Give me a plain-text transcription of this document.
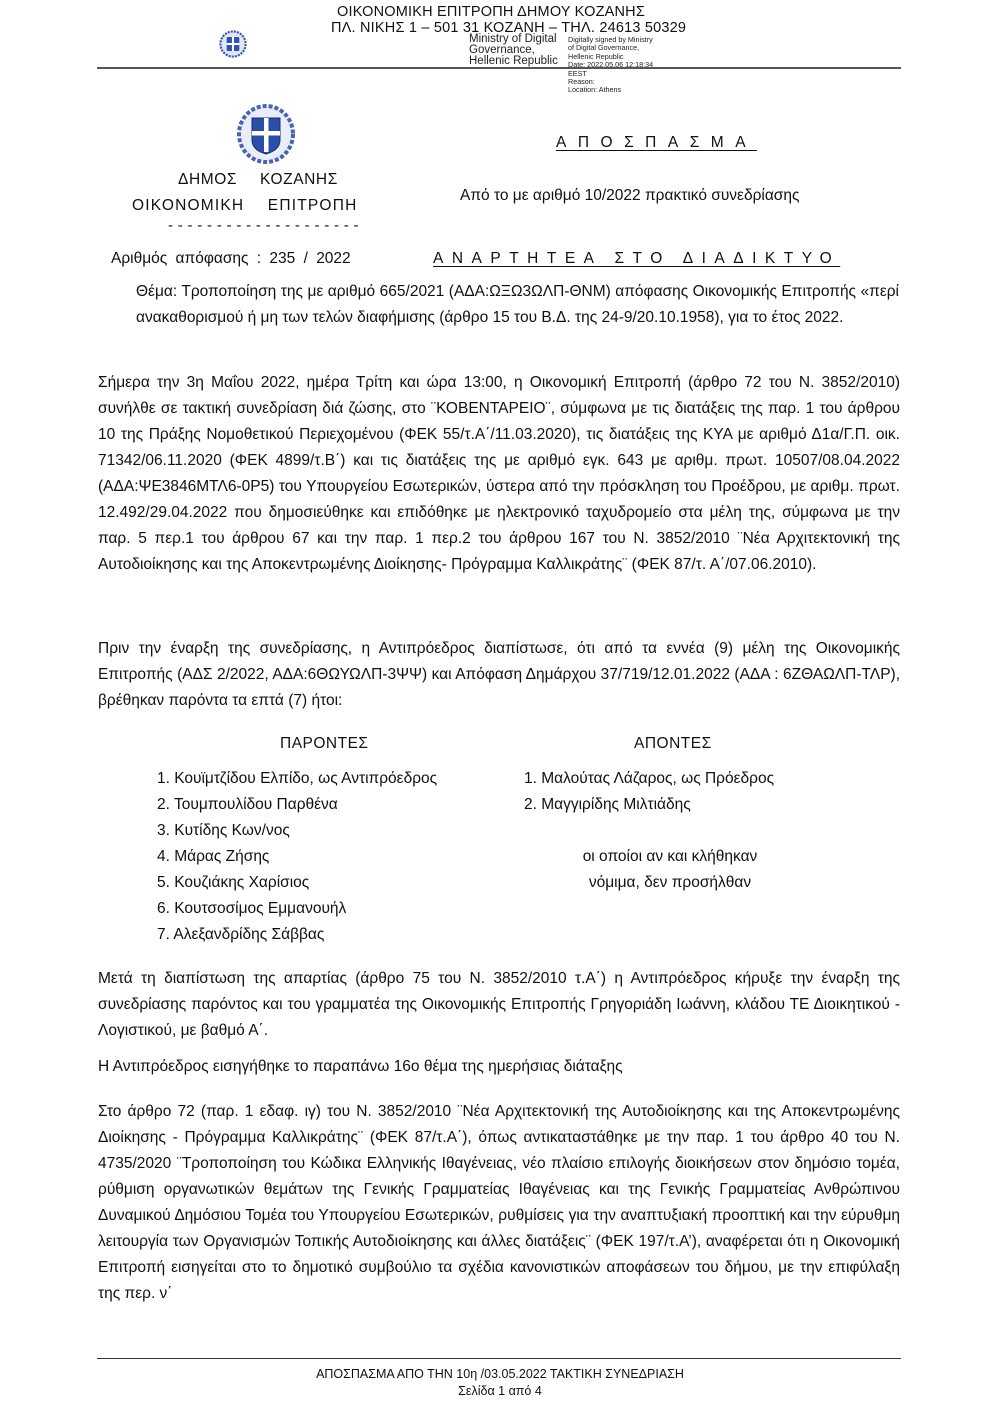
ΟΙΚΟΝΟΜΙΚΗ ΕΠΙΤΡΟΠΗ ΔΗΜΟΥ ΚΟΖΑΝΗΣ
ΠΛ. ΝΙΚΗΣ 1 – 501 31 ΚΟΖΑΝΗ – ΤΗΛ. 24613 50329
Ministry of Digital
Governance,
Hellenic Republic
Digitally signed by Ministry
of Digital Governance,
Hellenic Republic
Date: 2022.05.06 12:18:34
EEST
Reason:
Location: Athens
ΑΠΟΣΠΑΣΜΑ
ΔΗΜΟΣ ΚΟΖΑΝΗΣ
ΟΙΚΟΝΟΜΙΚΗ ΕΠΙΤΡΟΠΗ
- - - - - - - - - - - - - - - - - - - -
Από το με αριθμό 10/2022 πρακτικό συνεδρίασης
Αριθμός απόφασης : 235 / 2022	ΑΝΑΡΤΗΤΕΑ ΣΤΟ ΔΙΑΔΙΚΤΥΟ
Θέμα: Τροποποίηση της με αριθμό 665/2021 (ΑΔΑ:ΩΞΩ3ΩΛΠ-ΘΝΜ) απόφασης Οικονομικής Επιτροπής «περί ανακαθορισμού ή μη των τελών διαφήμισης (άρθρο 15 του Β.Δ. της 24-9/20.10.1958), για το έτος 2022.
Σήμερα την 3η Μαΐου 2022, ημέρα Τρίτη και ώρα 13:00, η Οικονομική Επιτροπή (άρθρο 72 του Ν. 3852/2010) συνήλθε σε τακτική συνεδρίαση διά ζώσης, στο ¨ΚΟΒΕΝΤΑΡΕΙΟ¨, σύμφωνα με τις διατάξεις της παρ. 1 του άρθρου 10 της Πράξης Νομοθετικού Περιεχομένου (ΦΕΚ 55/τ.Α΄/11.03.2020), τις διατάξεις της ΚΥΑ με αριθμό Δ1α/Γ.Π. οικ. 71342/06.11.2020 (ΦΕΚ 4899/τ.Β΄) και τις διατάξεις της με αριθμό εγκ. 643 με αριθμ. πρωτ. 10507/08.04.2022 (ΑΔΑ:ΨΕ3846ΜΤΛ6-0Ρ5) του Υπουργείου Εσωτερικών, ύστερα από την πρόσκληση του Προέδρου, με αριθμ. πρωτ. 12.492/29.04.2022 που δημοσιεύθηκε και επιδόθηκε με ηλεκτρονικό ταχυδρομείο στα μέλη της, σύμφωνα με την παρ. 5 περ.1 του άρθρου 67 και την παρ. 1 περ.2 του άρθρου 167 του Ν. 3852/2010 ¨Νέα Αρχιτεκτονική της Αυτοδιοίκησης και της Αποκεντρωμένης Διοίκησης- Πρόγραμμα Καλλικράτης¨ (ΦΕΚ 87/τ. Α΄/07.06.2010).
Πριν την έναρξη της συνεδρίασης, η Αντιπρόεδρος διαπίστωσε, ότι από τα εννέα (9) μέλη της Οικονομικής Επιτροπής (ΑΔΣ 2/2022, ΑΔΑ:6ΘΩΥΩΛΠ-3ΨΨ) και Απόφαση Δημάρχου 37/719/12.01.2022 (ΑΔΑ : 6ΖΘΑΩΛΠ-ΤΛΡ), βρέθηκαν παρόντα τα επτά (7) ήτοι:
ΠΑΡΟΝΤΕΣ	ΑΠΟΝΤΕΣ
1. Κουϊμτζίδου Ελπίδο, ως Αντιπρόεδρος
2. Τουμπουλίδου Παρθένα
3. Κυτίδης Κων/νος
4. Μάρας Ζήσης
5. Κουζιάκης Χαρίσιος
6. Κουτσοσίμος Εμμανουήλ
7. Αλεξανδρίδης Σάββας
1. Μαλούτας Λάζαρος, ως Πρόεδρος
2. Μαγγιρίδης Μιλτιάδης
οι οποίοι αν και κλήθηκαν
νόμιμα, δεν προσήλθαν
Μετά τη διαπίστωση της απαρτίας (άρθρο 75 του Ν. 3852/2010 τ.Α΄) η Αντιπρόεδρος κήρυξε την έναρξη της συνεδρίασης παρόντος και του γραμματέα της Οικονομικής Επιτροπής Γρηγοριάδη Ιωάννη, κλάδου ΤΕ Διοικητικού - Λογιστικού, με βαθμό Α΄.
Η Αντιπρόεδρος εισηγήθηκε το παραπάνω 16ο θέμα της ημερήσιας διάταξης
Στο άρθρο 72 (παρ. 1 εδαφ. ιγ) του Ν. 3852/2010 ¨Νέα Αρχιτεκτονική της Αυτοδιοίκησης και της Αποκεντρωμένης Διοίκησης - Πρόγραμμα Καλλικράτης¨ (ΦΕΚ 87/τ.Α΄), όπως αντικαταστάθηκε με την παρ. 1 του άρθρο 40 του Ν. 4735/2020 ¨Τροποποίηση του Κώδικα Ελληνικής Ιθαγένειας, νέο πλαίσιο επιλογής διοικήσεων στον δημόσιο τομέα, ρύθμιση οργανωτικών θεμάτων της Γενικής Γραμματείας Ιθαγένειας και της Γενικής Γραμματείας Ανθρώπινου Δυναμικού Δημόσιου Τομέα του Υπουργείου Εσωτερικών, ρυθμίσεις για την αναπτυξιακή προοπτική και την εύρυθμη λειτουργία των Οργανισμών Τοπικής Αυτοδιοίκησης και άλλες διατάξεις¨ (ΦΕΚ 197/τ.Α’), αναφέρεται ότι η Οικονομική Επιτροπή εισηγείται στο το δημοτικό συμβούλιο τα σχέδια κανονιστικών αποφάσεων του δήμου, με την επιφύλαξη της περ. ν΄
ΑΠΟΣΠΑΣΜΑ ΑΠΟ ΤΗΝ 10η /03.05.2022 ΤΑΚΤΙΚΗ ΣΥΝΕΔΡΙΑΣΗ
Σελίδα 1 από 4
